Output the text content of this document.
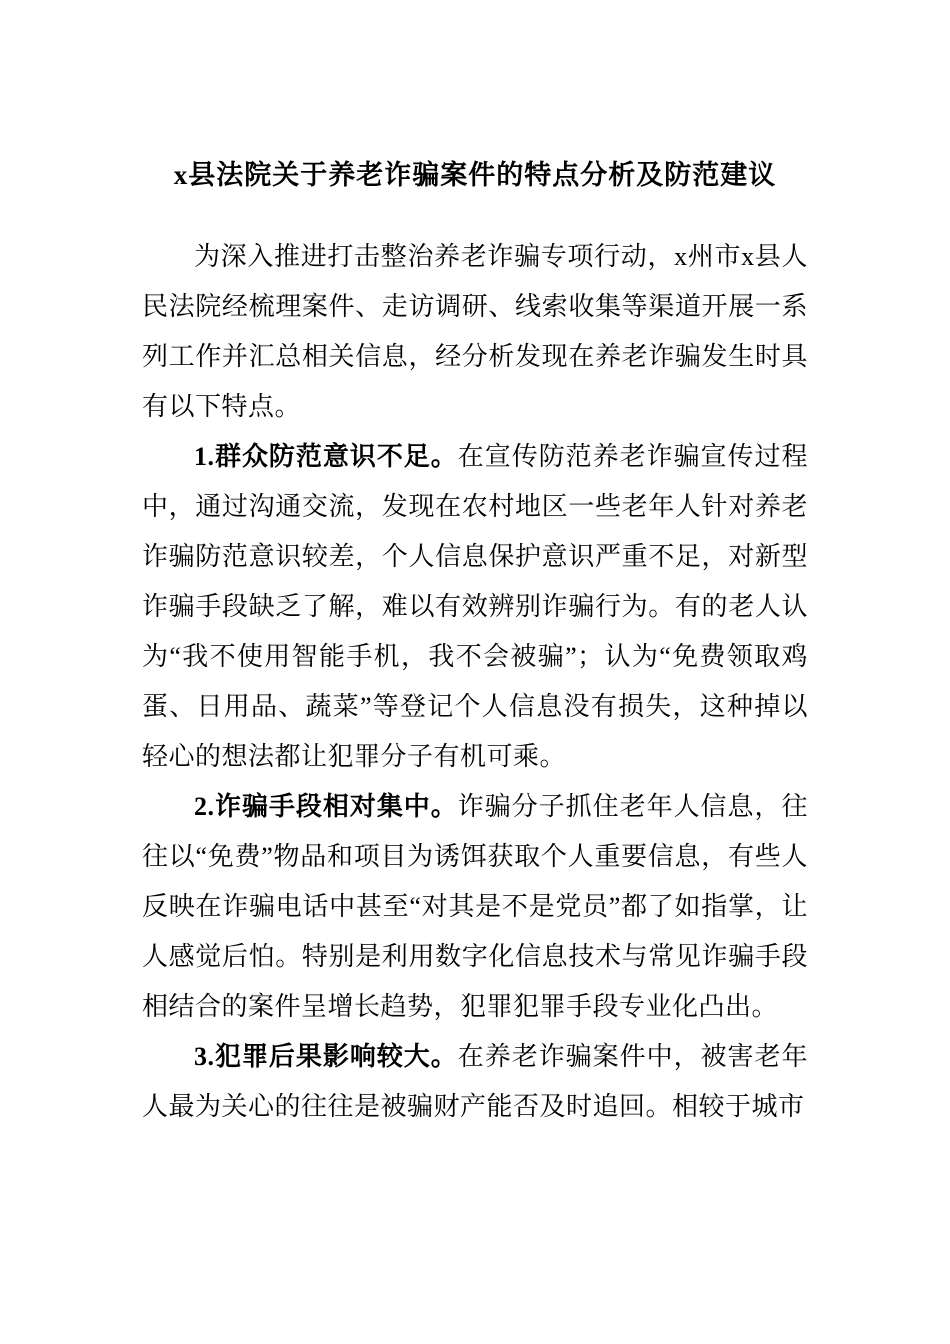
x县法院关于养老诈骗案件的特点分析及防范建议

为深入推进打击整治养老诈骗专项行动，x州市x县人民法院经梳理案件、走访调研、线索收集等渠道开展一系列工作并汇总相关信息，经分析发现在养老诈骗发生时具有以下特点。

1.群众防范意识不足。在宣传防范养老诈骗宣传过程中，通过沟通交流，发现在农村地区一些老年人针对养老诈骗防范意识较差，个人信息保护意识严重不足，对新型诈骗手段缺乏了解，难以有效辨别诈骗行为。有的老人认为“我不使用智能手机，我不会被骗”；认为“免费领取鸡蛋、日用品、蔬菜”等登记个人信息没有损失，这种掉以轻心的想法都让犯罪分子有机可乘。

2.诈骗手段相对集中。诈骗分子抓住老年人信息，往往以“免费”物品和项目为诱饵获取个人重要信息，有些人反映在诈骗电话中甚至“对其是不是党员”都了如指掌，让人感觉后怕。特别是利用数字化信息技术与常见诈骗手段相结合的案件呈增长趋势，犯罪犯罪手段专业化凸出。

3.犯罪后果影响较大。在养老诈骗案件中，被害老年人最为关心的往往是被骗财产能否及时追回。相较于城市
